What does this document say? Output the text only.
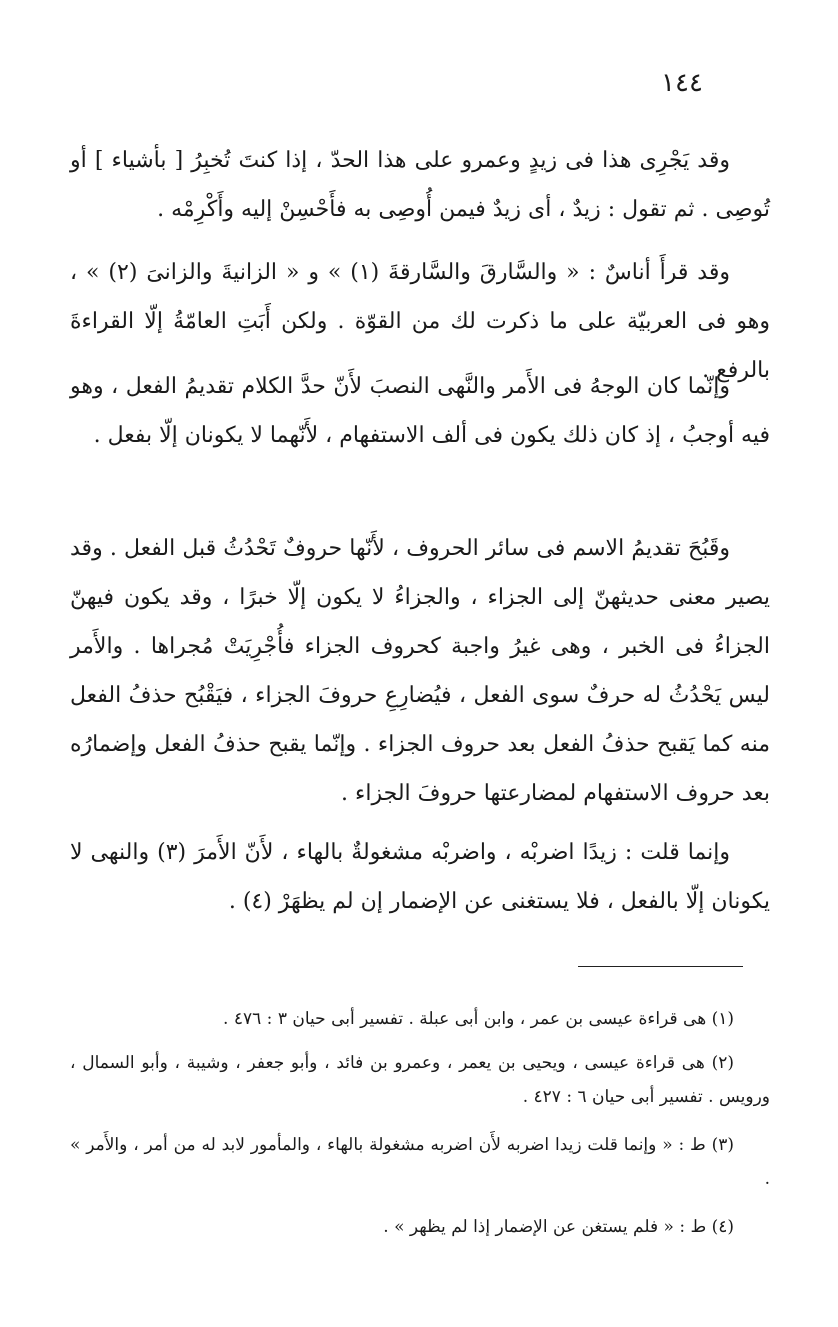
١٤٤

وقد يَجْرِى هذا فى زيدٍ وعمرو على هذا الحدّ ، إذا كنتَ تُخبِرُ [ بأشياء ] أو تُوصِى . ثم تقول : زيدٌ ، أى زيدٌ فيمن أُوصِى به فأَحْسِنْ إليه وأَكْرِمْه .

وقد قرأَ أناسٌ : « والسَّارقَ والسَّارقةَ (١) » و « الزانيةَ والزانىَ (٢) » ، وهو فى العربيّة على ما ذكرت لك من القوّة . ولكن أَبَتِ العامّةُ إلّا القراءةَ بالرفع .

وإنّما كان الوجهُ فى الأَمر والنَّهى النصبَ لأَنّ حدَّ الكلام تقديمُ الفعل ، وهو فيه أوجبُ ، إذ كان ذلك يكون فى ألف الاستفهام ، لأَنّهما لا يكونان إلّا بفعل .

وقَبُحَ تقديمُ الاسم فى سائر الحروف ، لأَنّها حروفٌ تَحْدُثُ قبل الفعل . وقد يصير معنى حديثهنّ إلى الجزاء ، والجزاءُ لا يكون إلّا خبرًا ، وقد يكون فيهنّ الجزاءُ فى الخبر ، وهى غيرُ واجبة كحروف الجزاء فأُجْرِيَتْ مُجراها . والأَمر ليس يَحْدُثُ له حرفٌ سوى الفعل ، فيُضارِعِ حروفَ الجزاء ، فيَقْبُح حذفُ الفعل منه كما يَقبح حذفُ الفعل بعد حروف الجزاء . وإنّما يقبح حذفُ الفعل وإضمارُه بعد حروف الاستفهام لمضارعتها حروفَ الجزاء .

وإنما قلت : زيدًا اضربْه ، واضربْه مشغولةٌ بالهاء ، لأَنّ الأَمرَ (٣) والنهى لا يكونان إلّا بالفعل ، فلا يستغنى عن الإضمار إن لم يظهَرْ (٤) .

(١) هى قراءة عيسى بن عمر ، وابن أبى عبلة . تفسير أبى حيان ٣ : ٤٧٦ .

(٢) هى قراءة عيسى ، ويحيى بن يعمر ، وعمرو بن فائد ، وأبو جعفر ، وشيبة ، وأبو السمال ، ورويس . تفسير أبى حيان ٦ : ٤٢٧ .

(٣) ط : « وإنما قلت زيدا اضربه لأَن اضربه مشغولة بالهاء ، والمأمور لابد له من أمر ، والأَمر » .

(٤) ط : « فلم يستغن عن الإضمار إذا لم يظهر » .
